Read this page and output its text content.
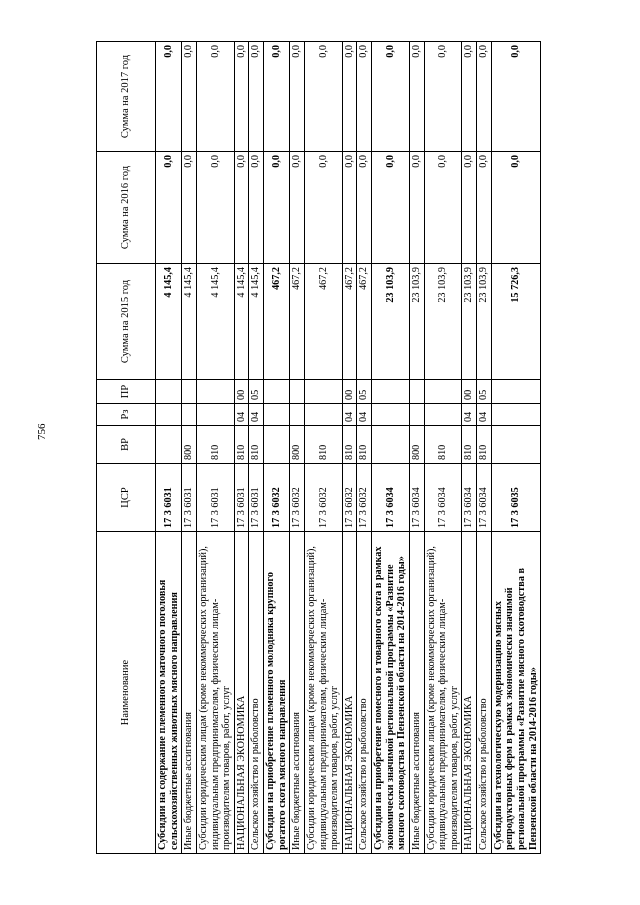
756
Наименование	ЦСР	ВР	Рз	ПР	Сумма на 2015 год	Сумма на 2016 год	Сумма на 2017 год
Субсидии на содержание племенного маточного поголовья сельскохозяйственных животных мясного направления	17 3 6031				4 145,4	0,0	0,0
Иные бюджетные ассигнования	17 3 6031	800			4 145,4	0,0	0,0
Субсидии юридическим лицам (кроме некоммерческих организаций), индивидуальным предпринимателям, физическим лицам-производителям товаров, работ, услуг	17 3 6031	810			4 145,4	0,0	0,0
НАЦИОНАЛЬНАЯ ЭКОНОМИКА	17 3 6031	810	04	00	4 145,4	0,0	0,0
Сельское хозяйство и рыболовство	17 3 6031	810	04	05	4 145,4	0,0	0,0
Субсидии на приобретение племенного молодняка крупного рогатого скота мясного направления	17 3 6032				467,2	0,0	0,0
Иные бюджетные ассигнования	17 3 6032	800			467,2	0,0	0,0
Субсидии юридическим лицам (кроме некоммерческих организаций), индивидуальным предпринимателям, физическим лицам-производителям товаров, работ, услуг	17 3 6032	810			467,2	0,0	0,0
НАЦИОНАЛЬНАЯ ЭКОНОМИКА	17 3 6032	810	04	00	467,2	0,0	0,0
Сельское хозяйство и рыболовство	17 3 6032	810	04	05	467,2	0,0	0,0
Субсидии на приобретение помесного и товарного скота в рамках экономически значимой региональной программы «Развитие мясного скотоводства в Пензенской области на 2014-2016 годы»	17 3 6034				23 103,9	0,0	0,0
Иные бюджетные ассигнования	17 3 6034	800			23 103,9	0,0	0,0
Субсидии юридическим лицам (кроме некоммерческих организаций), индивидуальным предпринимателям, физическим лицам-производителям товаров, работ, услуг	17 3 6034	810			23 103,9	0,0	0,0
НАЦИОНАЛЬНАЯ ЭКОНОМИКА	17 3 6034	810	04	00	23 103,9	0,0	0,0
Сельское хозяйство и рыболовство	17 3 6034	810	04	05	23 103,9	0,0	0,0
Субсидии на технологическую модернизацию мясных репродукторных ферм в рамках экономически значимой региональной программы «Развитие мясного скотоводства в Пензенской области на 2014-2016 годы»	17 3 6035				15 726,3	0,0	0,0
